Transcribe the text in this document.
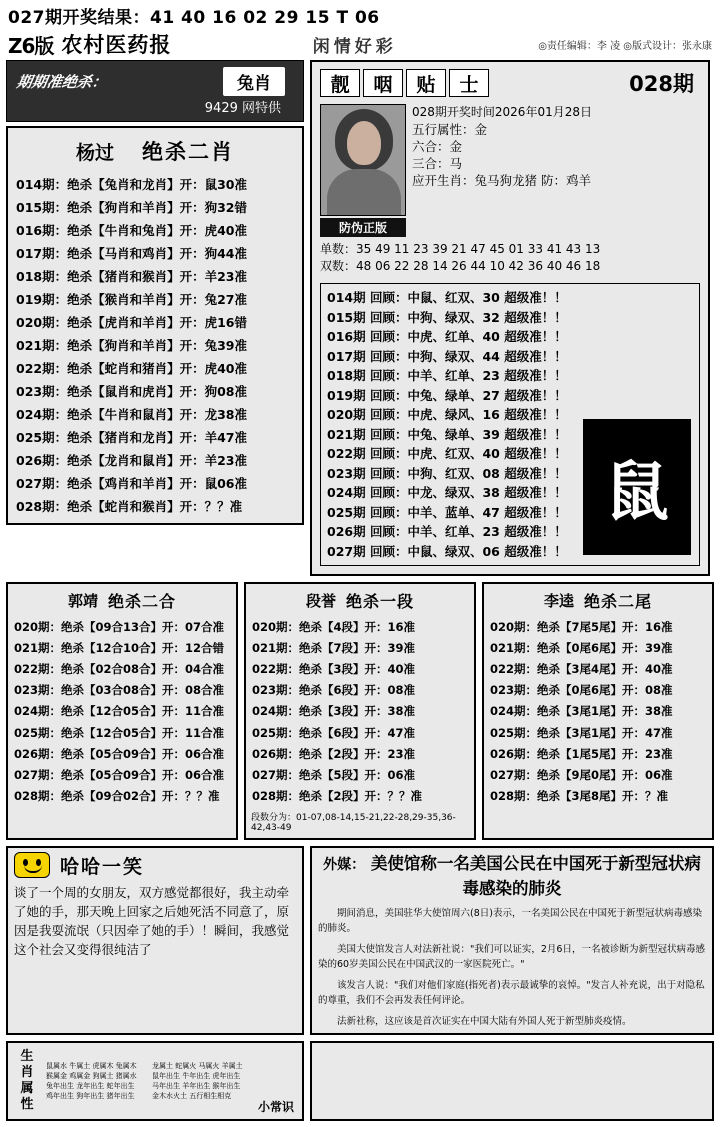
027期开奖结果：41 40 16 02 29 15 T 06
Z6版 农村医药报	闲情好彩	◎责任编辑：李 凌 ◎版式设计：张永康
期期准绝杀：	兔肖
9429 网特供
杨过 绝杀二肖
014期：绝杀【兔肖和龙肖】开：鼠30准
015期：绝杀【狗肖和羊肖】开：狗32错
016期：绝杀【牛肖和兔肖】开：虎40准
017期：绝杀【马肖和鸡肖】开：狗44准
018期：绝杀【猪肖和猴肖】开：羊23准
019期：绝杀【猴肖和羊肖】开：兔27准
020期：绝杀【虎肖和羊肖】开：虎16错
021期：绝杀【狗肖和羊肖】开：兔39准
022期：绝杀【蛇肖和猪肖】开：虎40准
023期：绝杀【鼠肖和虎肖】开：狗08准
024期：绝杀【牛肖和鼠肖】开：龙38准
025期：绝杀【猪肖和龙肖】开：羊47准
026期：绝杀【龙肖和鼠肖】开：羊23准
027期：绝杀【鸡肖和羊肖】开：鼠06准
028期：绝杀【蛇肖和猴肖】开：？？准
靓	咽	贴	士	028期
防伪正版
028期开奖时间2026年01月28日
五行属性：金
六合：金
三合：马
应开生肖：兔马狗龙猪 防：鸡羊
单数：35 49 11 23 39 21 47 45 01 33 41 43 13
双数：48 06 22 28 14 26 44 10 42 36 40 46 18
014期 回顾：中鼠、红双、30 超级准！！
015期 回顾：中狗、绿双、32 超级准！！
016期 回顾：中虎、红单、40 超级准！！
017期 回顾：中狗、绿双、44 超级准！！
018期 回顾：中羊、红单、23 超级准！！
019期 回顾：中兔、绿单、27 超级准！！
020期 回顾：中虎、绿风、16 超级准！！
021期 回顾：中兔、绿单、39 超级准！！
022期 回顾：中虎、红双、40 超级准！！
023期 回顾：中狗、红双、08 超级准！！
024期 回顾：中龙、绿双、38 超级准！！
025期 回顾：中羊、蓝单、47 超级准！！
026期 回顾：中羊、红单、23 超级准！！
027期 回顾：中鼠、绿双、06 超级准！！
鼠
郭靖 绝杀二合
020期：绝杀【09合13合】开：07合准
021期：绝杀【12合10合】开：12合错
022期：绝杀【02合08合】开：04合准
023期：绝杀【03合08合】开：08合准
024期：绝杀【12合05合】开：11合准
025期：绝杀【12合05合】开：11合准
026期：绝杀【05合09合】开：06合准
027期：绝杀【05合09合】开：06合准
028期：绝杀【09合02合】开：？？准
段誉 绝杀一段
020期：绝杀【4段】开：16准
021期：绝杀【7段】开：39准
022期：绝杀【3段】开：40准
023期：绝杀【6段】开：08准
024期：绝杀【3段】开：38准
025期：绝杀【6段】开：47准
026期：绝杀【2段】开：23准
027期：绝杀【5段】开：06准
028期：绝杀【2段】开：？？准
段数分为：01-07,08-14,15-21,22-28,29-35,36-42,43-49
李逵 绝杀二尾
020期：绝杀【7尾5尾】开：16准
021期：绝杀【0尾6尾】开：39准
022期：绝杀【3尾4尾】开：40准
023期：绝杀【0尾6尾】开：08准
024期：绝杀【3尾1尾】开：38准
025期：绝杀【3尾1尾】开：47准
026期：绝杀【1尾5尾】开：23准
027期：绝杀【9尾0尾】开：06准
028期：绝杀【3尾8尾】开：？准
哈哈一笑
谈了一个周的女朋友，双方感觉都很好，我主动牵了她的手，那天晚上回家之后她死活不同意了，原因是我耍流氓（只因牵了她的手）！瞬间，我感觉这个社会又变得很纯洁了
外媒： 美使馆称一名美国公民在中国死于新型冠状病毒感染的肺炎

期间消息，美国驻华大使馆周六(8日)表示，一名美国公民在中国死于新型冠状病毒感染的肺炎。

美国大使馆发言人对法新社说："我们可以证实，2月6日，一名被诊断为新型冠状病毒感染的60岁美国公民在中国武汉的一家医院死亡。"

该发言人说："我们对他们家庭(指死者)表示最诚挚的哀悼。"发言人补充说，出于对隐私的尊重，我们不会再发表任何评论。

法新社称，这应该是首次证实在中国大陆有外国人死于新型肺炎疫情。

生肖属性
鼠属水 牛属土 虎属木 兔属木	龙属土 蛇属火 马属火 羊属土
猴属金 鸡属金 狗属土 猪属水	鼠年出生 牛年出生 虎年出生
兔年出生 龙年出生 蛇年出生	马年出生 羊年出生 猴年出生
鸡年出生 狗年出生 猪年出生	金木水火土 五行相生相克
小常识
